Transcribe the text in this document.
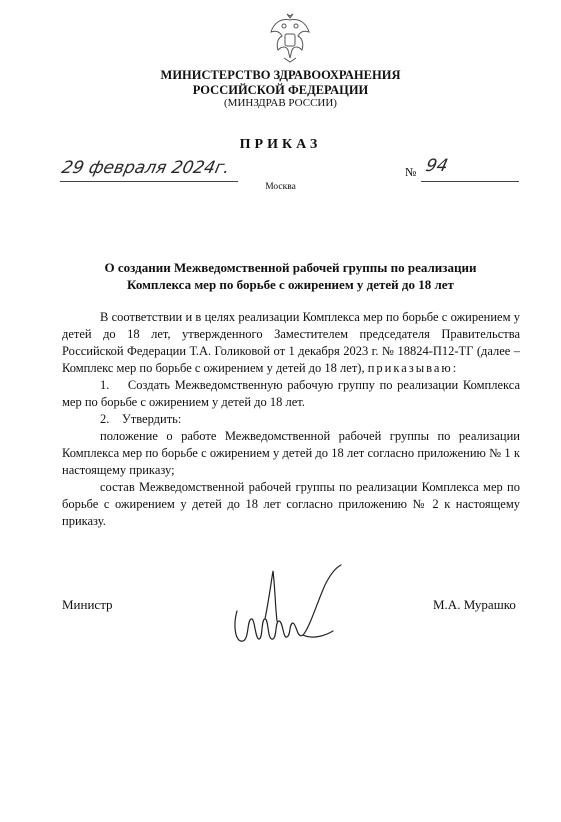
МИНИСТЕРСТВО ЗДРАВООХРАНЕНИЯ
РОССИЙСКОЙ ФЕДЕРАЦИИ
(МИНЗДРАВ РОССИИ)
ПРИКАЗ
29 февраля 2024г.	№ 94
Москва
О создании Межведомственной рабочей группы по реализации
Комплекса мер по борьбе с ожирением у детей до 18 лет

В соответствии и в целях реализации Комплекса мер по борьбе с ожирением у детей до 18 лет, утвержденного Заместителем председателя Правительства Российской Федерации Т.А. Голиковой от 1 декабря 2023 г. № 18824-П12-ТГ (далее – Комплекс мер по борьбе с ожирением у детей до 18 лет), приказываю:

1.    Создать Межведомственную рабочую группу по реализации Комплекса мер по борьбе с ожирением у детей до 18 лет.

2.    Утвердить:

положение о работе Межведомственной рабочей группы по реализации Комплекса мер по борьбе с ожирением у детей до 18 лет согласно приложению № 1 к настоящему приказу;

состав Межведомственной рабочей группы по реализации Комплекса мер по борьбе с ожирением у детей до 18 лет согласно приложению № 2 к настоящему приказу.

Министр	М.А. Мурашко
